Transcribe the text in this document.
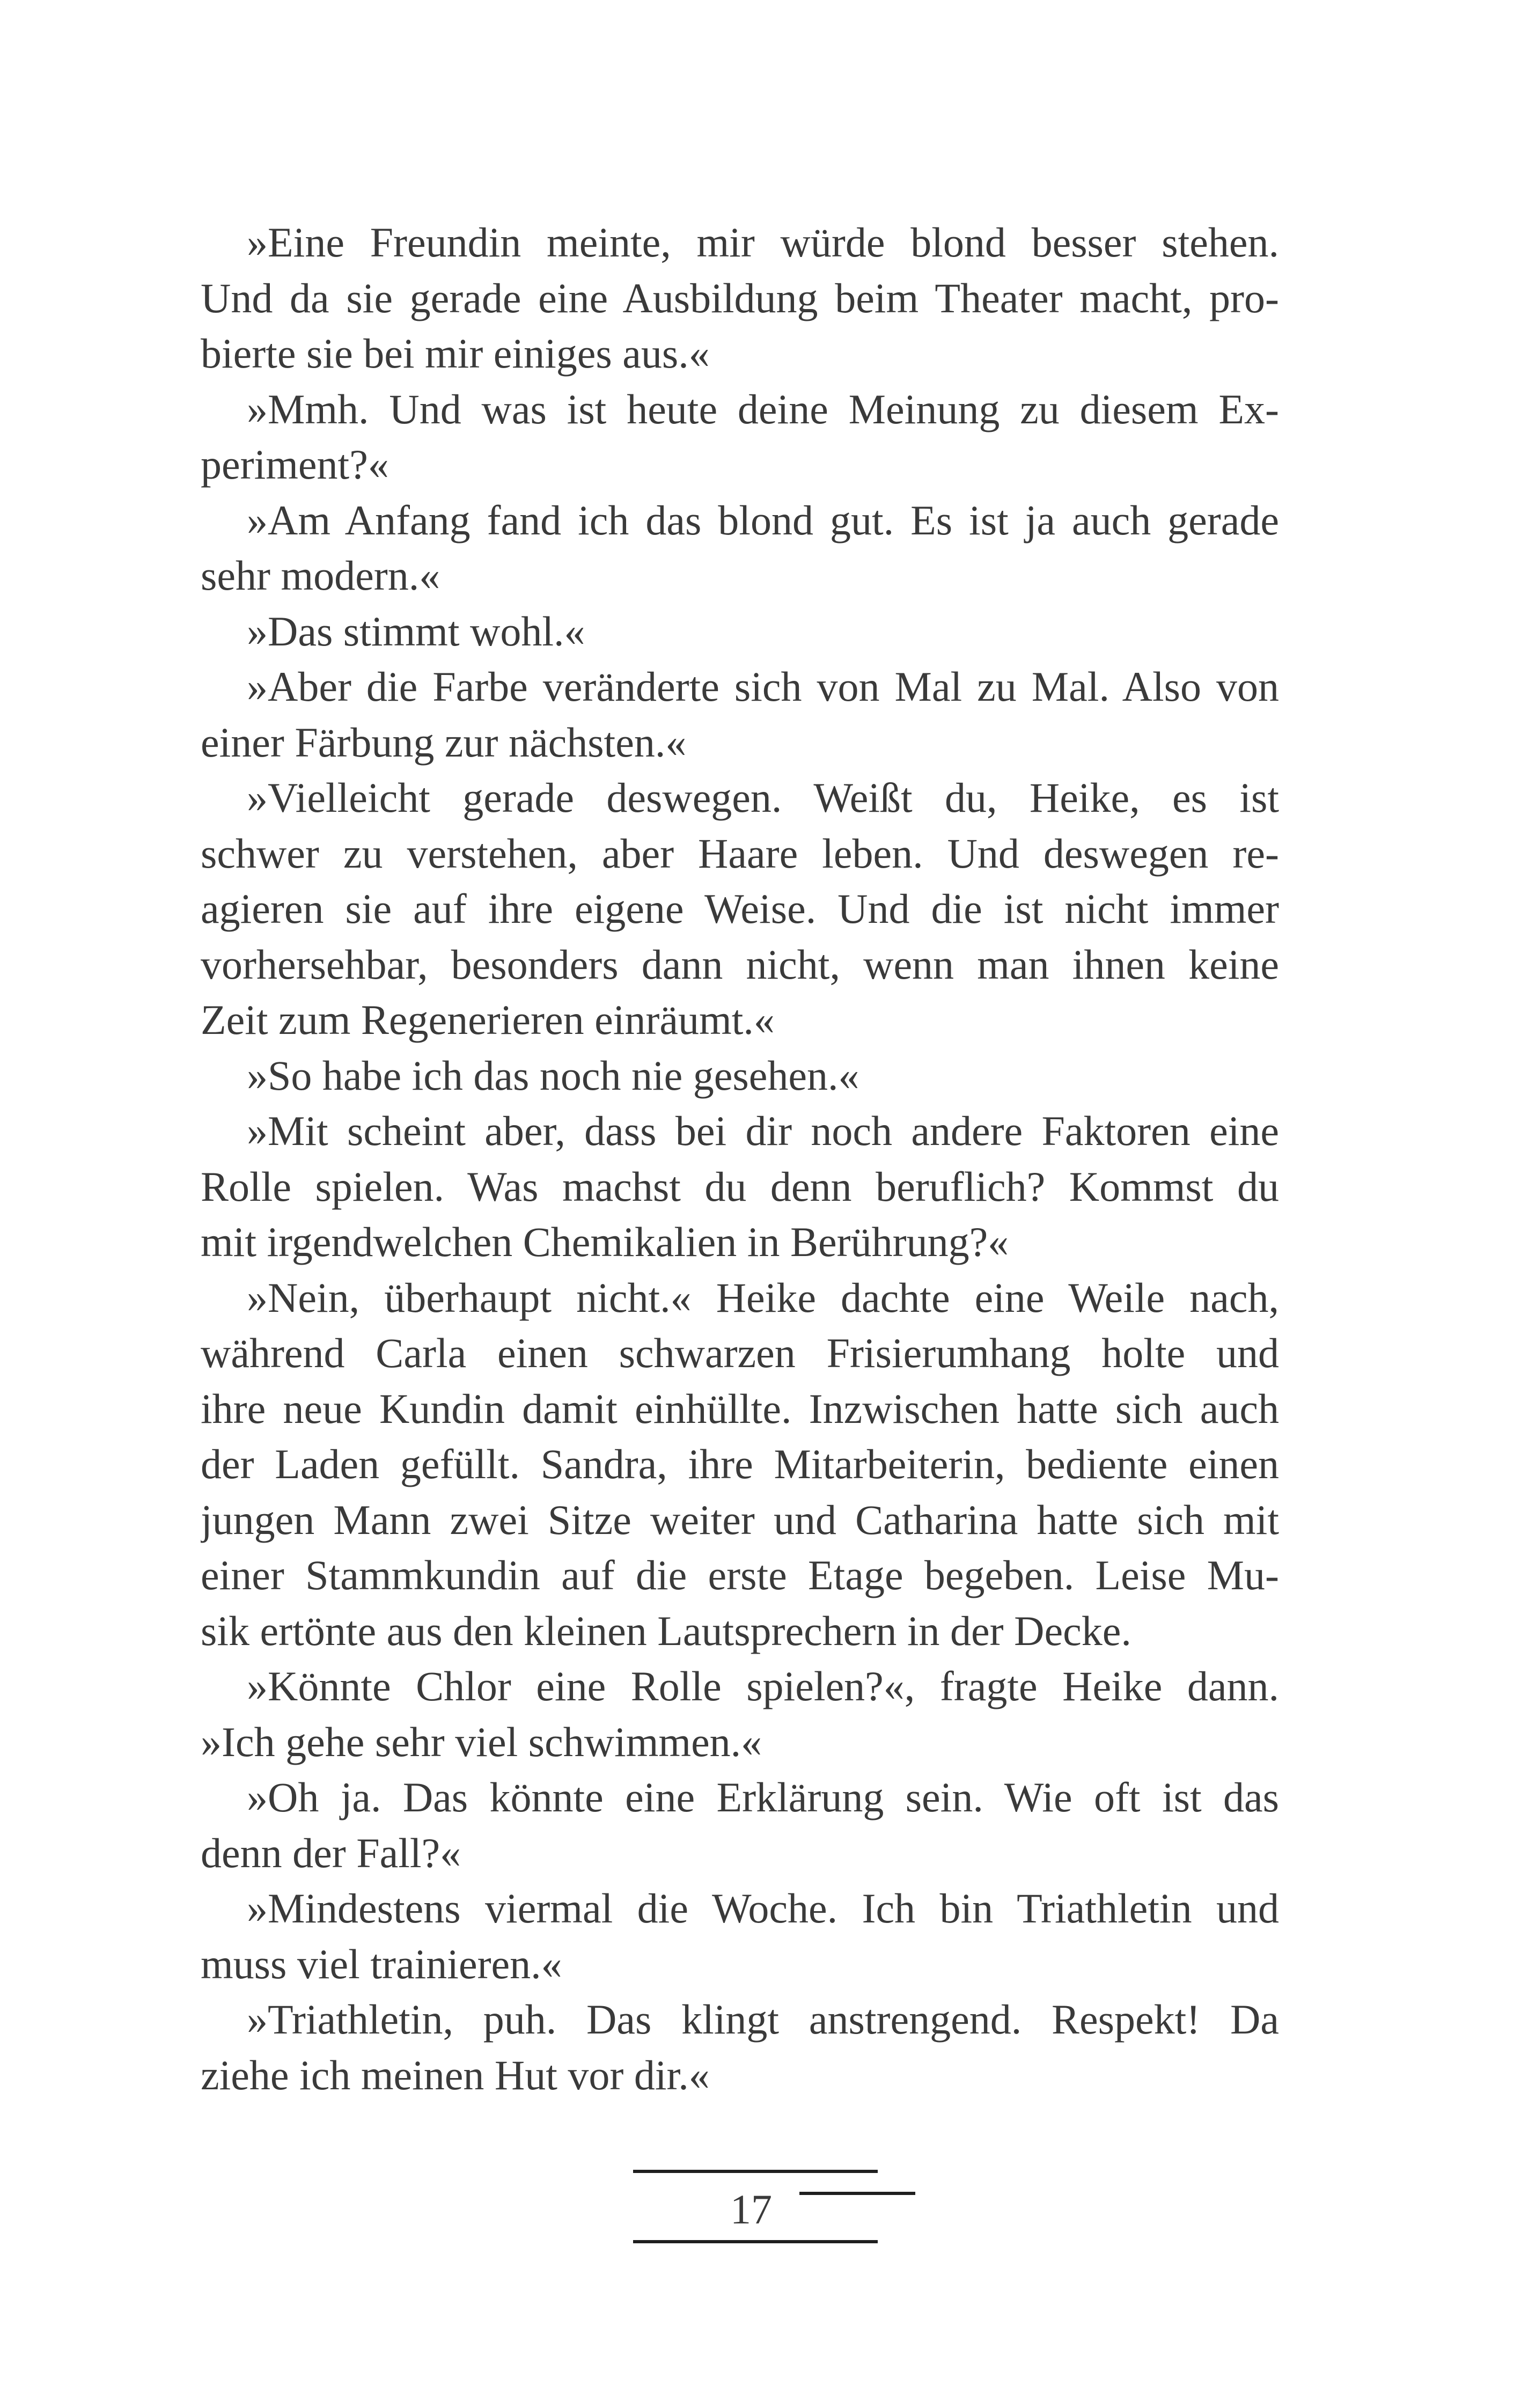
»Eine Freundin meinte, mir würde blond besser stehen.
Und da sie gerade eine Ausbildung beim Theater macht, pro-
bierte sie bei mir einiges aus.«
»Mmh. Und was ist heute deine Meinung zu diesem Ex-
periment?«
»Am Anfang fand ich das blond gut. Es ist ja auch gerade
sehr modern.«
»Das stimmt wohl.«
»Aber die Farbe veränderte sich von Mal zu Mal. Also von
einer Färbung zur nächsten.«
»Vielleicht gerade deswegen. Weißt du, Heike, es ist
schwer zu verstehen, aber Haare leben. Und deswegen re-
agieren sie auf ihre eigene Weise. Und die ist nicht immer
vorhersehbar, besonders dann nicht, wenn man ihnen keine
Zeit zum Regenerieren einräumt.«
»So habe ich das noch nie gesehen.«
»Mit scheint aber, dass bei dir noch andere Faktoren eine
Rolle spielen. Was machst du denn beruflich? Kommst du
mit irgendwelchen Chemikalien in Berührung?«
»Nein, überhaupt nicht.« Heike dachte eine Weile nach,
während Carla einen schwarzen Frisierumhang holte und
ihre neue Kundin damit einhüllte. Inzwischen hatte sich auch
der Laden gefüllt. Sandra, ihre Mitarbeiterin, bediente einen
jungen Mann zwei Sitze weiter und Catharina hatte sich mit
einer Stammkundin auf die erste Etage begeben. Leise Mu-
sik ertönte aus den kleinen Lautsprechern in der Decke.
»Könnte Chlor eine Rolle spielen?«, fragte Heike dann.
»Ich gehe sehr viel schwimmen.«
»Oh ja. Das könnte eine Erklärung sein. Wie oft ist das
denn der Fall?«
»Mindestens viermal die Woche. Ich bin Triathletin und
muss viel trainieren.«
»Triathletin, puh. Das klingt anstrengend. Respekt! Da
ziehe ich meinen Hut vor dir.«
17
